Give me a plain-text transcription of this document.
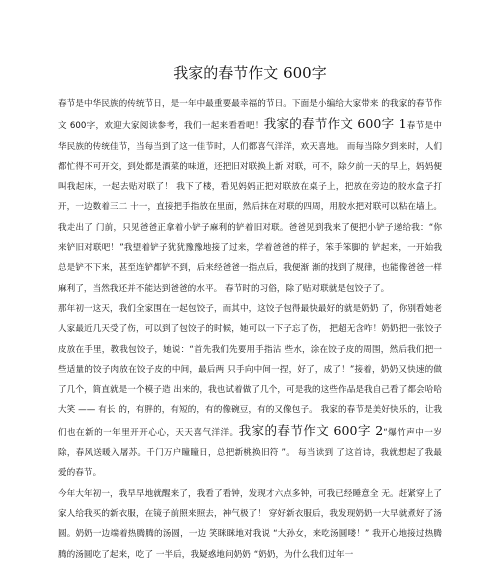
我家的春节作文 600字

春节是中华民族的传统节日，是一年中最重要最幸福的节日。下面是小编给大家带来 的我家的春节作文 600字，欢迎大家阅读参考，我们一起来看看吧！我家的春节作文 600字 1春节是中华民族的传统佳节，当每当到了这一佳节时，人们都喜气洋洋，欢天喜地。 而每当除夕到来时，人们都忙得不可开交，到处都是酒菜的味道，还把旧对联换上新 对联，可不，除夕前一天的早上，妈妈便叫我起床，一起去贴对联了！ 我下了楼，看见妈妈正把对联放在桌子上，把放在旁边的胶水盒子打开，一边数着三二 十一，直接把手指放在里面，然后抹在对联的四周，用胶水把对联可以粘在墙上。我走出了 门前，只见爸爸正拿着小铲子麻利的铲着旧对联。爸爸见到我来了便把小铲子递给我：“你来铲旧对联吧！”我望着铲子犹犹豫豫地接了过来，学着爸爸的样子，笨手笨脚的 铲起来，一开始我总是铲不下来，甚至连铲都铲不到，后来经爸爸一指点后，我便渐 渐的找到了规律，也能像爸爸一样麻利了，当然我还并不能达到爸爸的水平。 春节时的习俗，除了贴对联就是包饺子了。

那年初一这天，我们全家围在一起包饺子，而其中，这饺子包得最快最好的就是奶奶 了，你别看她老人家最近几天受了伤，可以到了包饺子的时候，她可以一下子忘了伤， 把超无含咋！奶奶把一张饺子皮放在手里，教我包饺子，她说：“首先我们先要用手指沾 些水，涂在饺子皮的周围，然后我们把一些适量的饺子肉放在饺子皮的中间，最后两 只手向中间一捏，好了，成了！”接着，奶奶又快速的做了几个，简直就是一个模子造 出来的，我也试着做了几个，可是我的这些作品是我自己看了都会哈哈大笑 —— 有长 的，有胖的，有短的，有的像碗豆，有的又像包子。 我家的春节是美好快乐的，让我们也在新的一年里开开心心，天天喜气洋洋。我家的春节作文 600字 2“爆竹声中一岁除，春风送暖入屠苏。千门万户瞳瞳日，总把新桃换旧符 ”。 每当读到 了这首诗，我就想起了我最爱的春节。

今年大年初一，我早早地就醒来了，我看了看钟，发现才六点多钟，可我已经睡意全 无。赶紧穿上了家人给我买的新衣服，在镜子前照来照去，神气极了！ 穿好新衣服后，我发现奶奶一大早就煮好了汤圆。奶奶一边端着热腾腾的汤圆，一边 笑眯眯地对我说 “大孙女，来吃汤圆喽！” 我开心地接过热腾腾的汤圆吃了起来，吃了 一半后，我疑惑地问奶奶 “奶奶，为什么我们过年一
